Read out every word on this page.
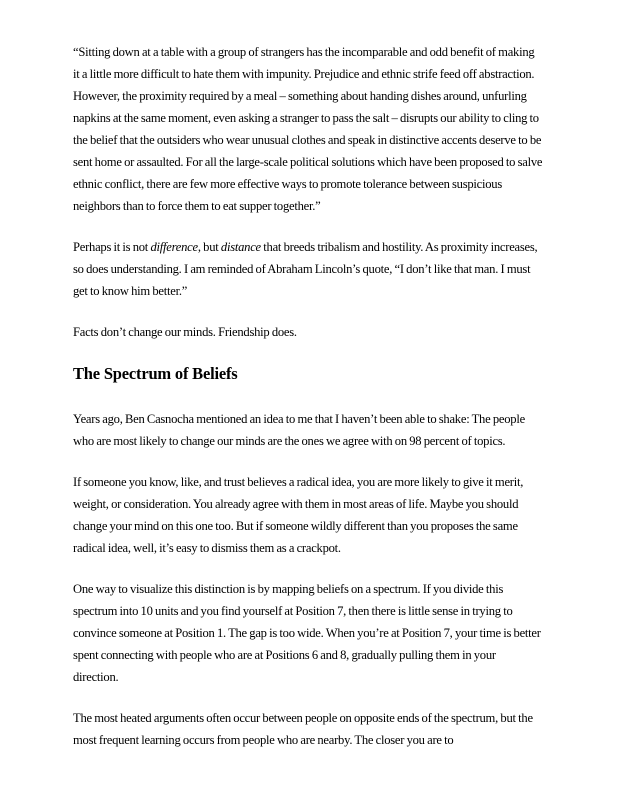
“Sitting down at a table with a group of strangers has the incomparable and odd benefit of making it a little more difficult to hate them with impunity. Prejudice and ethnic strife feed off abstraction. However, the proximity required by a meal – something about handing dishes around, unfurling napkins at the same moment, even asking a stranger to pass the salt – disrupts our ability to cling to the belief that the outsiders who wear unusual clothes and speak in distinctive accents deserve to be sent home or assaulted. For all the large-scale political solutions which have been proposed to salve ethnic conflict, there are few more effective ways to promote tolerance between suspicious neighbors than to force them to eat supper together.”

Perhaps it is not difference, but distance that breeds tribalism and hostility. As proximity increases, so does understanding. I am reminded of Abraham Lincoln’s quote, “I don’t like that man. I must get to know him better.”

Facts don’t change our minds. Friendship does.

The Spectrum of Beliefs

Years ago, Ben Casnocha mentioned an idea to me that I haven’t been able to shake: The people who are most likely to change our minds are the ones we agree with on 98 percent of topics.

If someone you know, like, and trust believes a radical idea, you are more likely to give it merit, weight, or consideration. You already agree with them in most areas of life. Maybe you should change your mind on this one too. But if someone wildly different than you proposes the same radical idea, well, it’s easy to dismiss them as a crackpot.

One way to visualize this distinction is by mapping beliefs on a spectrum. If you divide this spectrum into 10 units and you find yourself at Position 7, then there is little sense in trying to convince someone at Position 1. The gap is too wide. When you’re at Position 7, your time is better spent connecting with people who are at Positions 6 and 8, gradually pulling them in your direction.

The most heated arguments often occur between people on opposite ends of the spectrum, but the most frequent learning occurs from people who are nearby. The closer you are to
